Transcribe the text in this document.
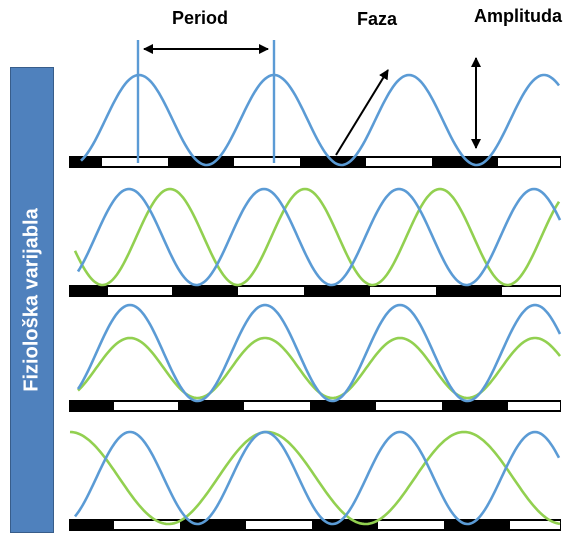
Period	Faza	Amplituda
Fiziološka varijabla
